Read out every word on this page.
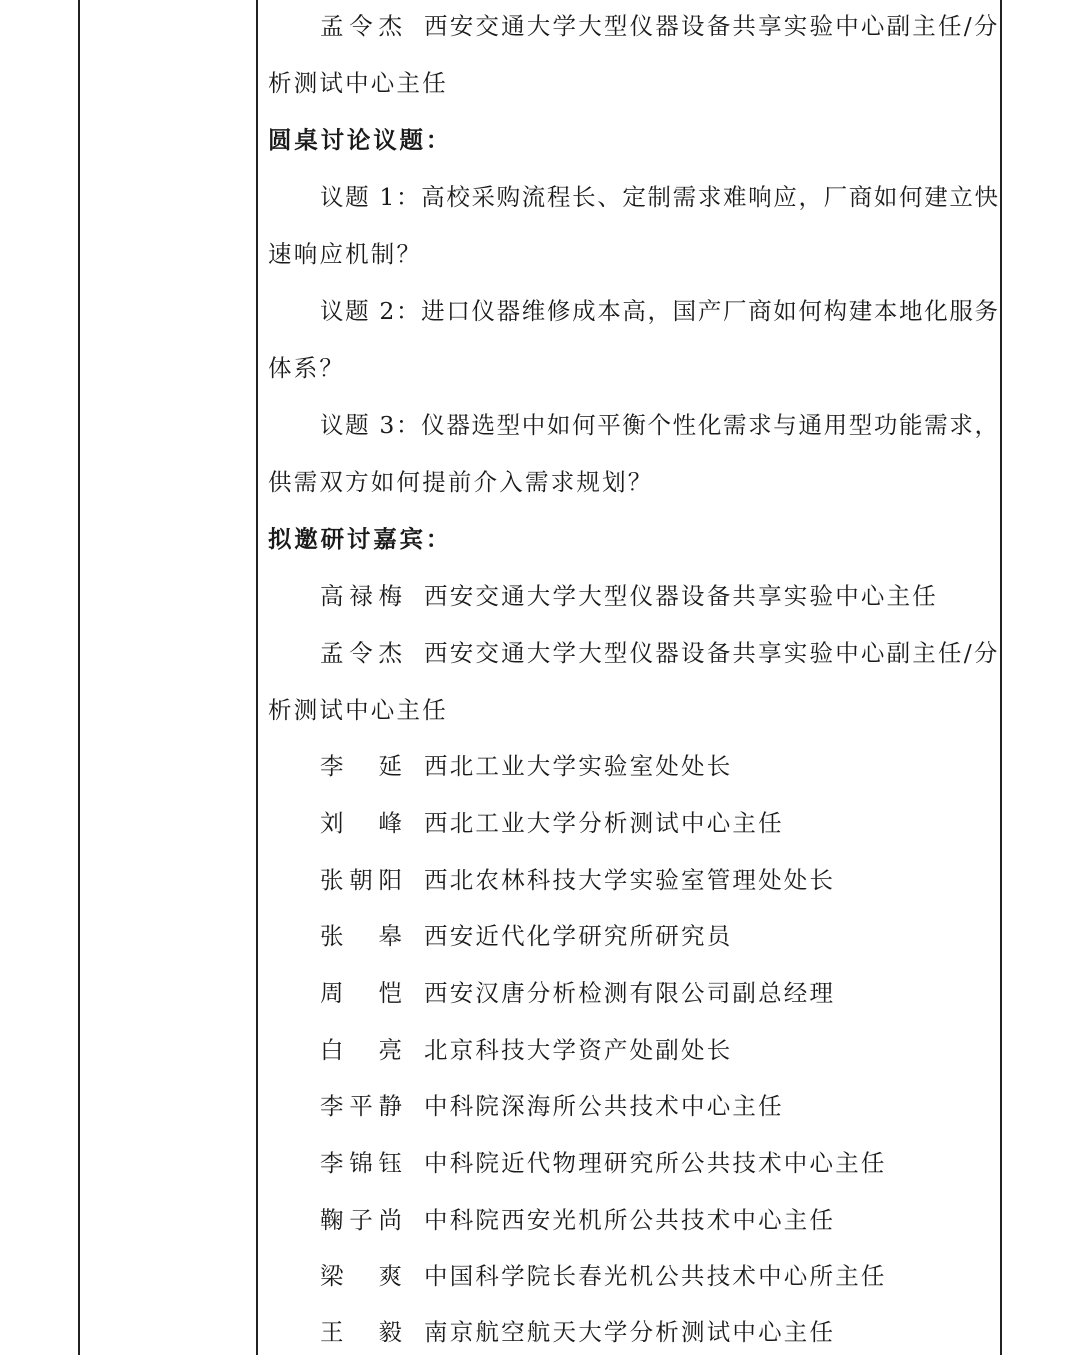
孟令杰 西安交通大学大型仪器设备共享实验中心副主任/分
析测试中心主任
圆桌讨论议题：
议题 1：高校采购流程长、定制需求难响应，厂商如何建立快
速响应机制？
议题 2：进口仪器维修成本高，国产厂商如何构建本地化服务
体系？
议题 3：仪器选型中如何平衡个性化需求与通用型功能需求，
供需双方如何提前介入需求规划？
拟邀研讨嘉宾：
高禄梅 西安交通大学大型仪器设备共享实验中心主任
孟令杰 西安交通大学大型仪器设备共享实验中心副主任/分
析测试中心主任
李 延 西北工业大学实验室处处长
刘 峰 西北工业大学分析测试中心主任
张朝阳 西北农林科技大学实验室管理处处长
张 皋 西安近代化学研究所研究员
周 恺 西安汉唐分析检测有限公司副总经理
白 亮 北京科技大学资产处副处长
李平静 中科院深海所公共技术中心主任
李锦钰 中科院近代物理研究所公共技术中心主任
鞠子尚 中科院西安光机所公共技术中心主任
梁 爽 中国科学院长春光机公共技术中心所主任
王 毅 南京航空航天大学分析测试中心主任
